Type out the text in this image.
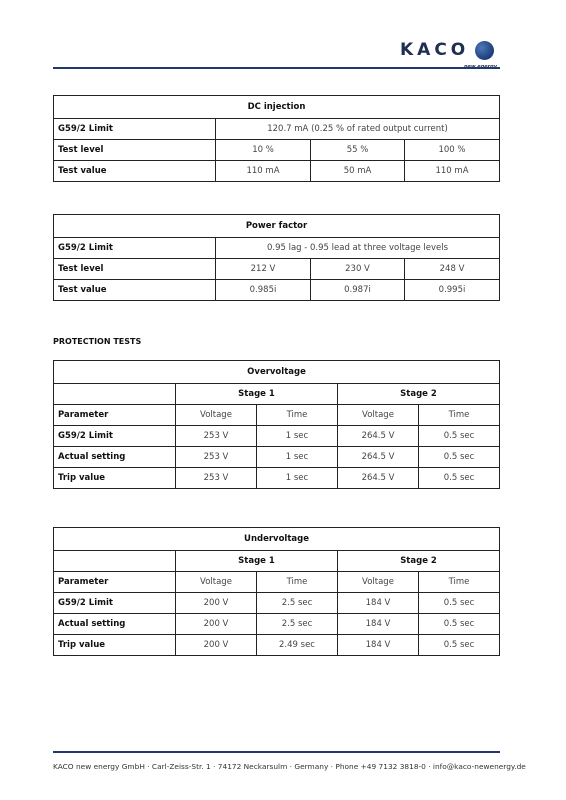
KACO
DC injection			
G59/2 Limit	120.7 mA (0.25 % of rated output current)		
Test level	10 %	55 %	100 %
Test value	110 mA	50 mA	110 mA
Power factor			
G59/2 Limit	0.95 lag - 0.95 lead at three voltage levels		
Test level	212 V	230 V	248 V
Test value	0.985i	0.987i	0.995i
PROTECTION TESTS
Overvoltage				
	Stage 1		Stage 2	
Parameter	Voltage	Time	Voltage	Time
G59/2 Limit	253 V	1 sec	264.5 V	0.5 sec
Actual setting	253 V	1 sec	264.5 V	0.5 sec
Trip value	253 V	1 sec	264.5 V	0.5 sec
Undervoltage				
	Stage 1		Stage 2	
Parameter	Voltage	Time	Voltage	Time
G59/2 Limit	200 V	2.5 sec	184 V	0.5 sec
Actual setting	200 V	2.5 sec	184 V	0.5 sec
Trip value	200 V	2.49 sec	184 V	0.5 sec
KACO new energy GmbH · Carl-Zeiss-Str. 1 · 74172 Neckarsulm · Germany · Phone +49 7132 3818-0 · info@kaco-newenergy.de
